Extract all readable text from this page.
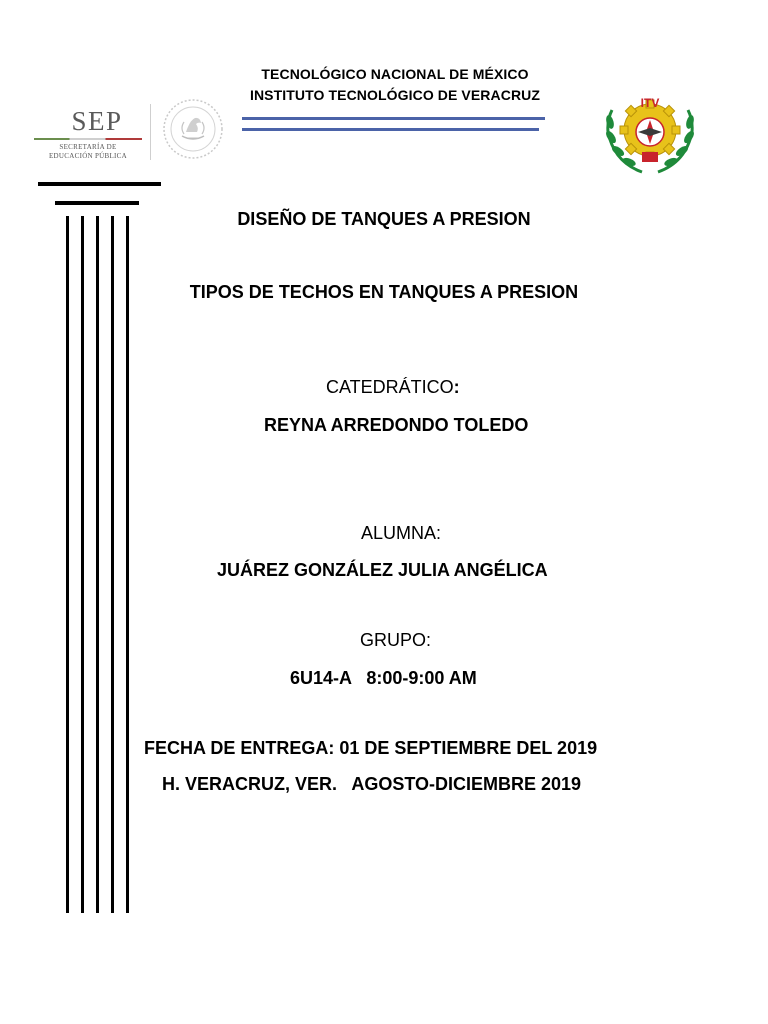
TECNOLÓGICO NACIONAL DE MÉXICO
INSTITUTO TECNOLÓGICO DE VERACRUZ
SEP
SECRETARÍA DE
EDUCACIÓN PÚBLICA
ITV
DISEÑO DE TANQUES A PRESION
TIPOS DE TECHOS EN TANQUES A PRESION
CATEDRÁTICO:
REYNA ARREDONDO TOLEDO
ALUMNA:
JUÁREZ GONZÁLEZ JULIA ANGÉLICA
GRUPO:
6U14-A   8:00-9:00 AM
FECHA DE ENTREGA: 01 DE SEPTIEMBRE DEL 2019
H. VERACRUZ, VER.   AGOSTO-DICIEMBRE 2019
